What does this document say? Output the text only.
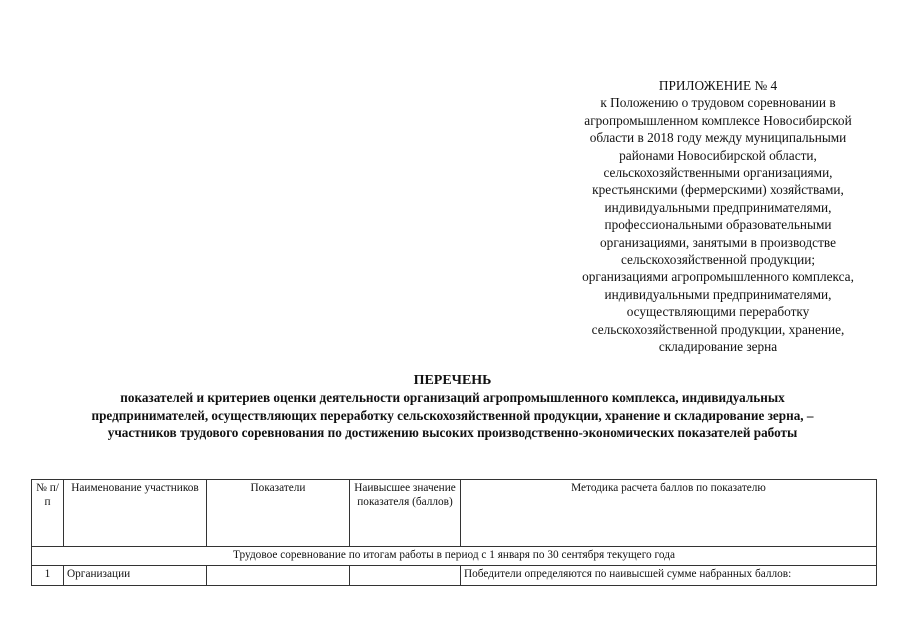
ПРИЛОЖЕНИЕ № 4
к Положению о трудовом соревновании в
агропромышленном комплексе Новосибирской
области в 2018 году между муниципальными
районами Новосибирской области,
сельскохозяйственными организациями,
крестьянскими (фермерскими) хозяйствами,
индивидуальными предпринимателями,
профессиональными образовательными
организациями, занятыми в производстве
сельскохозяйственной продукции;
организациями агропромышленного комплекса,
индивидуальными предпринимателями,
осуществляющими переработку
сельскохозяйственной продукции, хранение,
складирование зерна
ПЕРЕЧЕНЬ
показателей и критериев оценки деятельности организаций агропромышленного комплекса, индивидуальных
предпринимателей, осуществляющих переработку сельскохозяйственной продукции, хранение и складирование зерна, –
участников трудового соревнования по достижению высоких производственно-экономических показателей работы
№ п/п	Наименование участников	Показатели	Наивысшее значение показателя (баллов)	Методика расчета баллов по показателю
Трудовое соревнование по итогам работы в период с 1 января по 30 сентября текущего года				
1	Организации			Победители определяются по наивысшей сумме набранных баллов:
